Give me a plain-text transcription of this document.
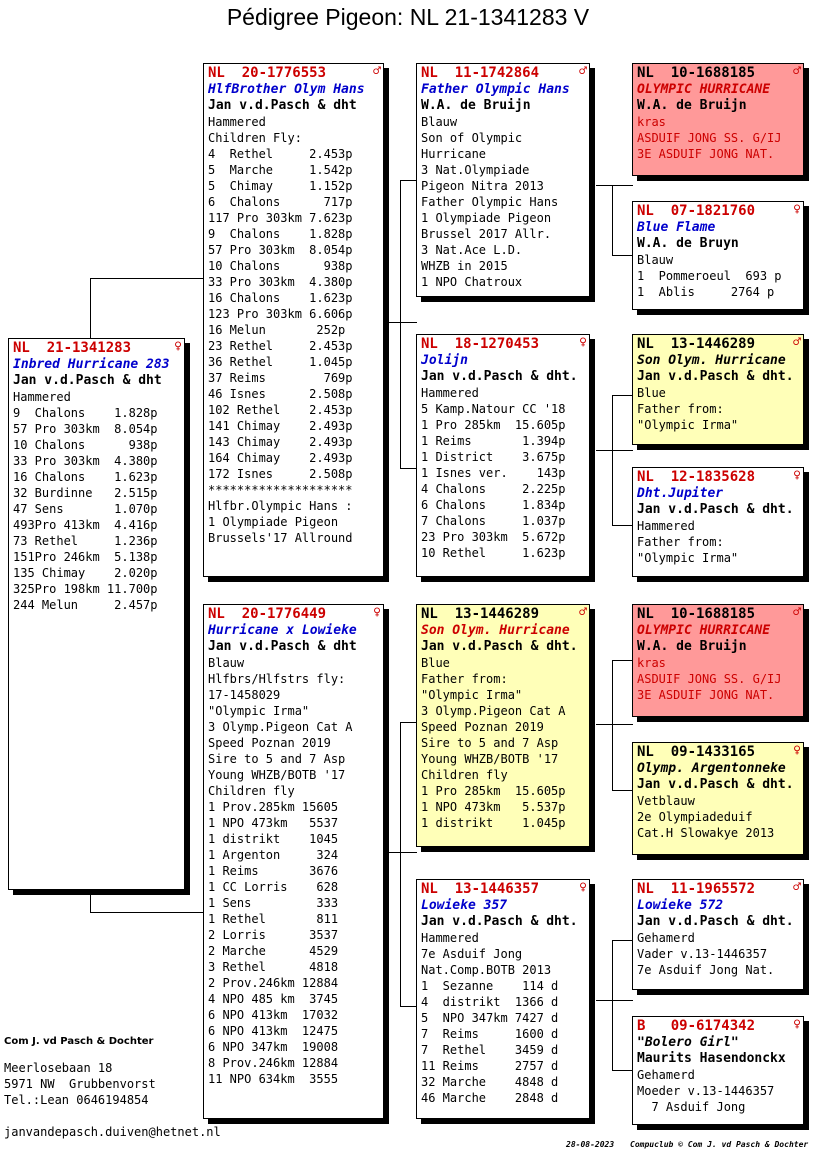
Pédigree Pigeon: NL 21-1341283 V
NL  21-1341283	♀
Inbred Hurricane 283
Jan v.d.Pasch & dht
Hammered
9  Chalons    1.828p
57 Pro 303km  8.054p
10 Chalons      938p
33 Pro 303km  4.380p
16 Chalons    1.623p
32 Burdinne   2.515p
47 Sens       1.070p
493Pro 413km  4.416p
73 Rethel     1.236p
151Pro 246km  5.138p
135 Chimay    2.020p
325Pro 198km 11.700p
244 Melun     2.457p
NL  20-1776553	♂
HlfBrother Olym Hans
Jan v.d.Pasch & dht
Hammered
Children Fly:
4  Rethel     2.453p
5  Marche     1.542p
5  Chimay     1.152p
6  Chalons      717p
117 Pro 303km 7.623p
9  Chalons    1.828p
57 Pro 303km  8.054p
10 Chalons      938p
33 Pro 303km  4.380p
16 Chalons    1.623p
123 Pro 303km 6.606p
16 Melun       252p
23 Rethel     2.453p
36 Rethel     1.045p
37 Reims        769p
46 Isnes      2.508p
102 Rethel    2.453p
141 Chimay    2.493p
143 Chimay    2.493p
164 Chimay    2.493p
172 Isnes     2.508p
********************
Hlfbr.Olympic Hans :
1 Olympiade Pigeon
Brussels'17 Allround
NL  20-1776449	♀
Hurricane x Lowieke
Jan v.d.Pasch & dht
Blauw
Hlfbrs/Hlfstrs fly:
17-1458029
"Olympic Irma"
3 Olymp.Pigeon Cat A
Speed Poznan 2019
Sire to 5 and 7 Asp
Young WHZB/BOTB '17
Children fly
1 Prov.285km 15605
1 NPO 473km   5537
1 distrikt    1045
1 Argenton     324
1 Reims       3676
1 CC Lorris    628
1 Sens         333
1 Rethel       811
2 Lorris      3537
2 Marche      4529
3 Rethel      4818
2 Prov.246km 12884
4 NPO 485 km  3745
6 NPO 413km  17032
6 NPO 413km  12475
6 NPO 347km  19008
8 Prov.246km 12884
11 NPO 634km  3555
NL  11-1742864	♂
Father Olympic Hans
W.A. de Bruijn
Blauw
Son of Olympic
Hurricane
3 Nat.Olympiade
Pigeon Nitra 2013
Father Olympic Hans
1 Olympiade Pigeon
Brussel 2017 Allr.
3 Nat.Ace L.D.
WHZB in 2015
1 NPO Chatroux
NL  18-1270453	♀
Jolijn
Jan v.d.Pasch & dht.
Hammered
5 Kamp.Natour CC '18
1 Pro 285km  15.605p
1 Reims       1.394p
1 District    3.675p
1 Isnes ver.    143p
4 Chalons     2.225p
6 Chalons     1.834p
7 Chalons     1.037p
23 Pro 303km  5.672p
10 Rethel     1.623p
NL  13-1446289	♂
Son Olym. Hurricane
Jan v.d.Pasch & dht.
Blue
Father from:
"Olympic Irma"
3 Olymp.Pigeon Cat A
Speed Poznan 2019
Sire to 5 and 7 Asp
Young WHZB/BOTB '17
Children fly
1 Pro 285km  15.605p
1 NPO 473km   5.537p
1 distrikt    1.045p
NL  13-1446357	♀
Lowieke 357
Jan v.d.Pasch & dht.
Hammered
7e Asduif Jong
Nat.Comp.BOTB 2013
1  Sezanne    114 d
4  distrikt  1366 d
5  NPO 347km 7427 d
7  Reims     1600 d
7  Rethel    3459 d
11 Reims     2757 d
32 Marche    4848 d
46 Marche    2848 d
NL  10-1688185	♂
OLYMPIC HURRICANE
W.A. de Bruijn
kras
ASDUIF JONG SS. G/IJ
3E ASDUIF JONG NAT.
NL  07-1821760	♀
Blue Flame
W.A. de Bruyn
Blauw
1  Pommeroeul  693 p
1  Ablis     2764 p
NL  13-1446289	♂
Son Olym. Hurricane
Jan v.d.Pasch & dht.
Blue
Father from:
"Olympic Irma"
NL  12-1835628	♀
Dht.Jupiter
Jan v.d.Pasch & dht.
Hammered
Father from:
"Olympic Irma"
NL  10-1688185	♂
OLYMPIC HURRICANE
W.A. de Bruijn
kras
ASDUIF JONG SS. G/IJ
3E ASDUIF JONG NAT.
NL  09-1433165	♀
Olymp. Argentonneke
Jan v.d.Pasch & dht.
Vetblauw
2e Olympiadeduif
Cat.H Slowakye 2013
NL  11-1965572	♂
Lowieke 572
Jan v.d.Pasch & dht.
Gehamerd
Vader v.13-1446357
7e Asduif Jong Nat.
B   09-6174342	♀
"Bolero Girl"
Maurits Hasendonckx
Gehamerd
Moeder v.13-1446357
7 Asduif Jong
Com J. vd Pasch & Dochter
Meerlosebaan 18
5971 NW  Grubbenvorst
Tel.:Lean 0646194854
janvandepasch.duiven@hetnet.nl
28-08-2023 Compuclub © Com J. vd Pasch & Dochter
